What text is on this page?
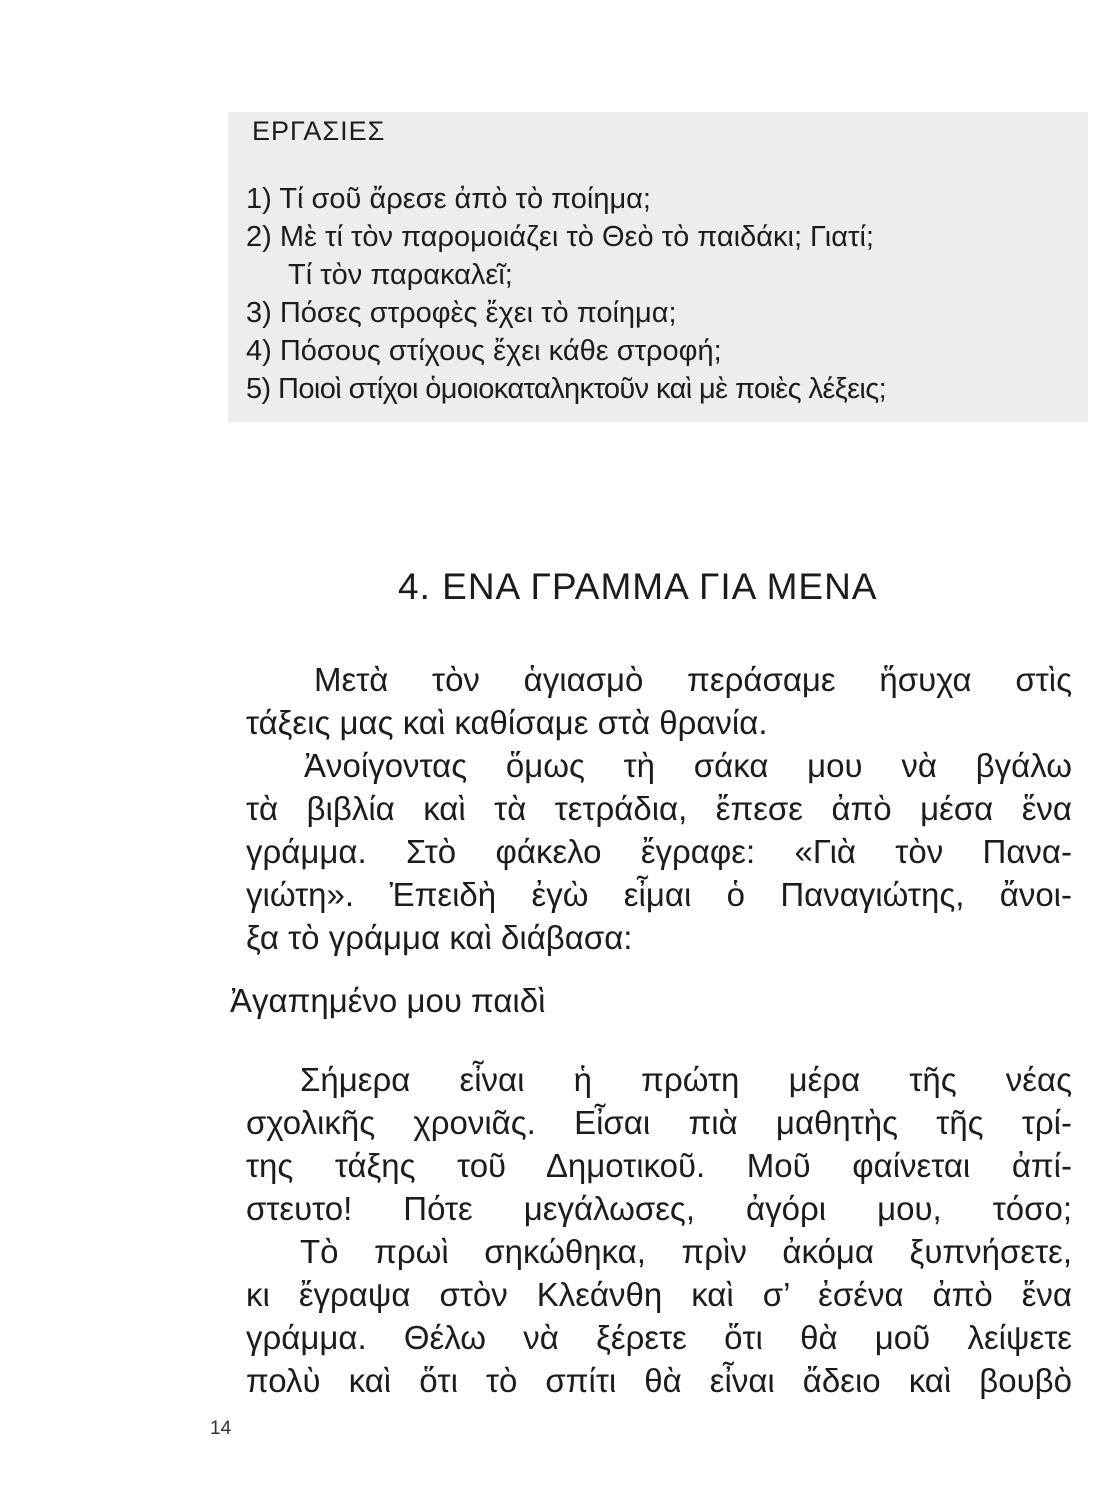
ΕΡΓΑΣΙΕΣ
1) Τί σοῦ ἄρεσε ἀπὸ τὸ ποίημα;
2) Μὲ τί τὸν παρομοιάζει τὸ Θεὸ τὸ παιδάκι; Γιατί;
Τί τὸν παρακαλεῖ;
3) Πόσες στροφὲς ἔχει τὸ ποίημα;
4) Πόσους στίχους ἔχει κάθε στροφή;
5) Ποιοὶ στίχοι ὁμοιοκαταληκτοῦν καὶ μὲ ποιὲς λέξεις;
4. ΕΝΑ ΓΡΑΜΜΑ ΓΙΑ ΜΕΝΑ
Μετὰ τὸν ἁγιασμὸ περάσαμε ἥσυχα στὶς
τάξεις μας καὶ καθίσαμε στὰ θρανία.
Ἀνοίγοντας ὅμως τὴ σάκα μου νὰ βγάλω
τὰ βιβλία καὶ τὰ τετράδια, ἔπεσε ἀπὸ μέσα ἕνα
γράμμα. Στὸ φάκελο ἔγραφε: «Γιὰ τὸν Πανα-
γιώτη». Ἐπειδὴ ἐγὼ εἶμαι ὁ Παναγιώτης, ἄνοι-
ξα τὸ γράμμα καὶ διάβασα:
Ἀγαπημένο μου παιδὶ
Σήμερα εἶναι ἡ πρώτη μέρα τῆς νέας
σχολικῆς χρονιᾶς. Εἶσαι πιὰ μαθητὴς τῆς τρί-
της τάξης τοῦ Δημοτικοῦ. Μοῦ φαίνεται ἀπί-
στευτο! Πότε μεγάλωσες, ἀγόρι μου, τόσο;
Τὸ πρωὶ σηκώθηκα, πρὶν ἀκόμα ξυπνήσετε,
κι ἔγραψα στὸν Κλεάνθη καὶ σ’ ἐσένα ἀπὸ ἕνα
γράμμα. Θέλω νὰ ξέρετε ὅτι θὰ μοῦ λείψετε
πολὺ καὶ ὅτι τὸ σπίτι θὰ εἶναι ἄδειο καὶ βουβὸ
14
